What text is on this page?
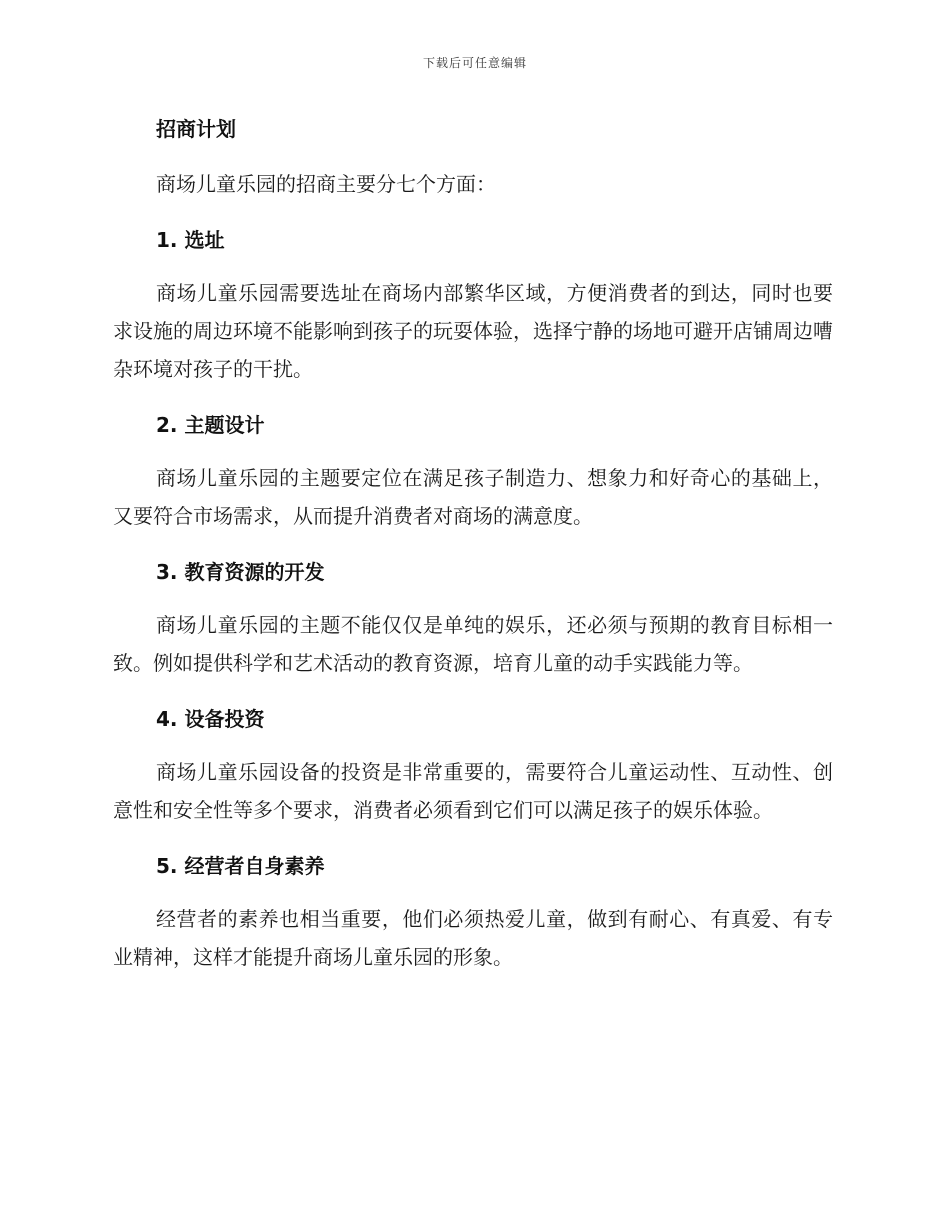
下载后可任意编辑
招商计划

商场儿童乐园的招商主要分七个方面：

1. 选址

商场儿童乐园需要选址在商场内部繁华区域，方便消费者的到达，同时也要求设施的周边环境不能影响到孩子的玩耍体验，选择宁静的场地可避开店铺周边嘈杂环境对孩子的干扰。

2. 主题设计

商场儿童乐园的主题要定位在满足孩子制造力、想象力和好奇心的基础上，又要符合市场需求，从而提升消费者对商场的满意度。

3. 教育资源的开发

商场儿童乐园的主题不能仅仅是单纯的娱乐，还必须与预期的教育目标相一致。例如提供科学和艺术活动的教育资源，培育儿童的动手实践能力等。

4. 设备投资

商场儿童乐园设备的投资是非常重要的，需要符合儿童运动性、互动性、创意性和安全性等多个要求，消费者必须看到它们可以满足孩子的娱乐体验。

5. 经营者自身素养

经营者的素养也相当重要，他们必须热爱儿童，做到有耐心、有真爱、有专业精神，这样才能提升商场儿童乐园的形象。
